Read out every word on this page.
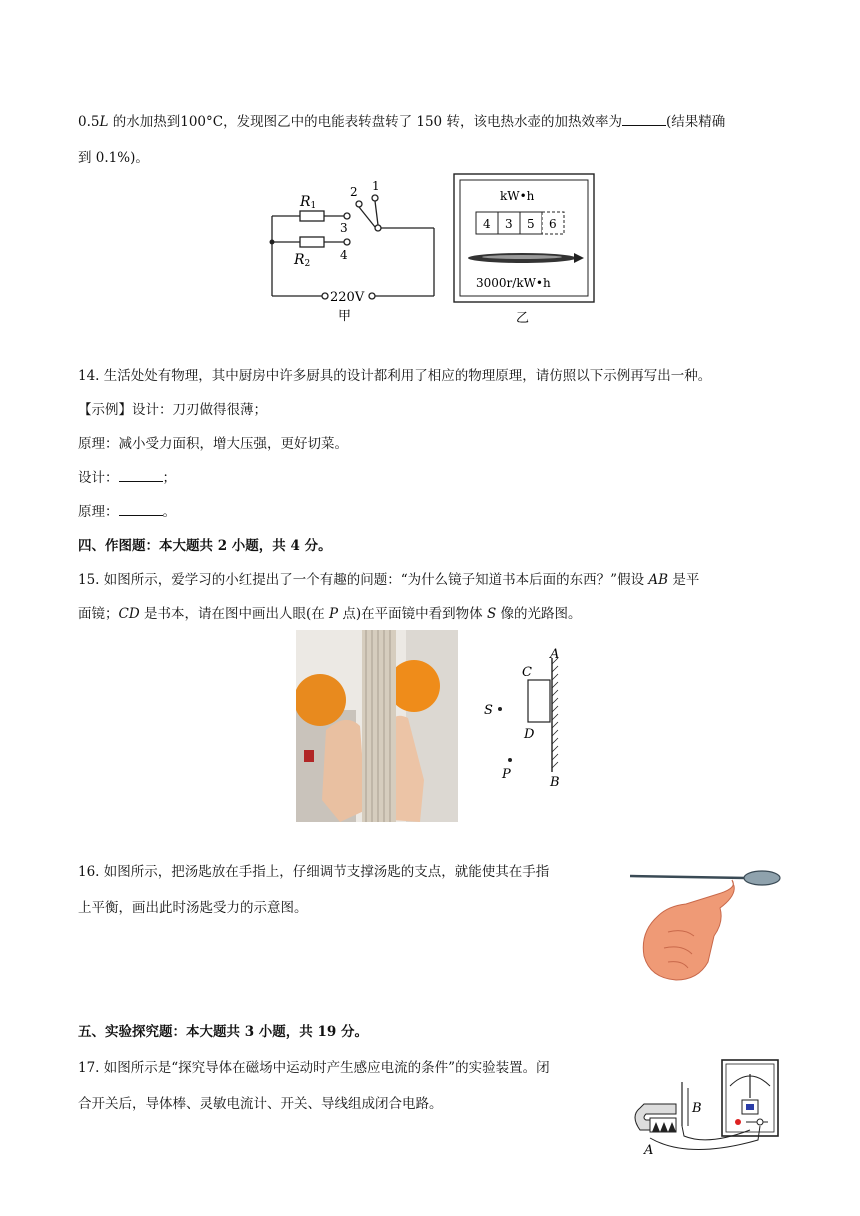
0.5L 的水加热到100°C，发现图乙中的电能表转盘转了 150 转，该电热水壶的加热效率为	(结果精确
到 0.1%)。
R1
R2
1
2
3
4
220V
甲
kW•h
4 3 5 6
3000r/kW•h
乙
14. 生活处处有物理，其中厨房中许多厨具的设计都利用了相应的物理原理，请仿照以下示例再写出一种。
【示例】设计：刀刃做得很薄；
原理：减小受力面积，增大压强，更好切菜。
设计：	；
原理：	。
四、作图题：本大题共 2 小题，共 4 分。
15. 如图所示，爱学习的小红提出了一个有趣的问题：“为什么镜子知道书本后面的东西？”假设 AB 是平
面镜；CD 是书本，请在图中画出人眼(在 P 点)在平面镜中看到物体 S 像的光路图。
A
B
C
D
S
P
16. 如图所示，把汤匙放在手指上，仔细调节支撑汤匙的支点，就能使其在手指
上平衡，画出此时汤匙受力的示意图。
五、实验探究题：本大题共 3 小题，共 19 分。
17. 如图所示是“探究导体在磁场中运动时产生感应电流的条件”的实验装置。闭
合开关后，导体棒、灵敏电流计、开关、导线组成闭合电路。	B
A
